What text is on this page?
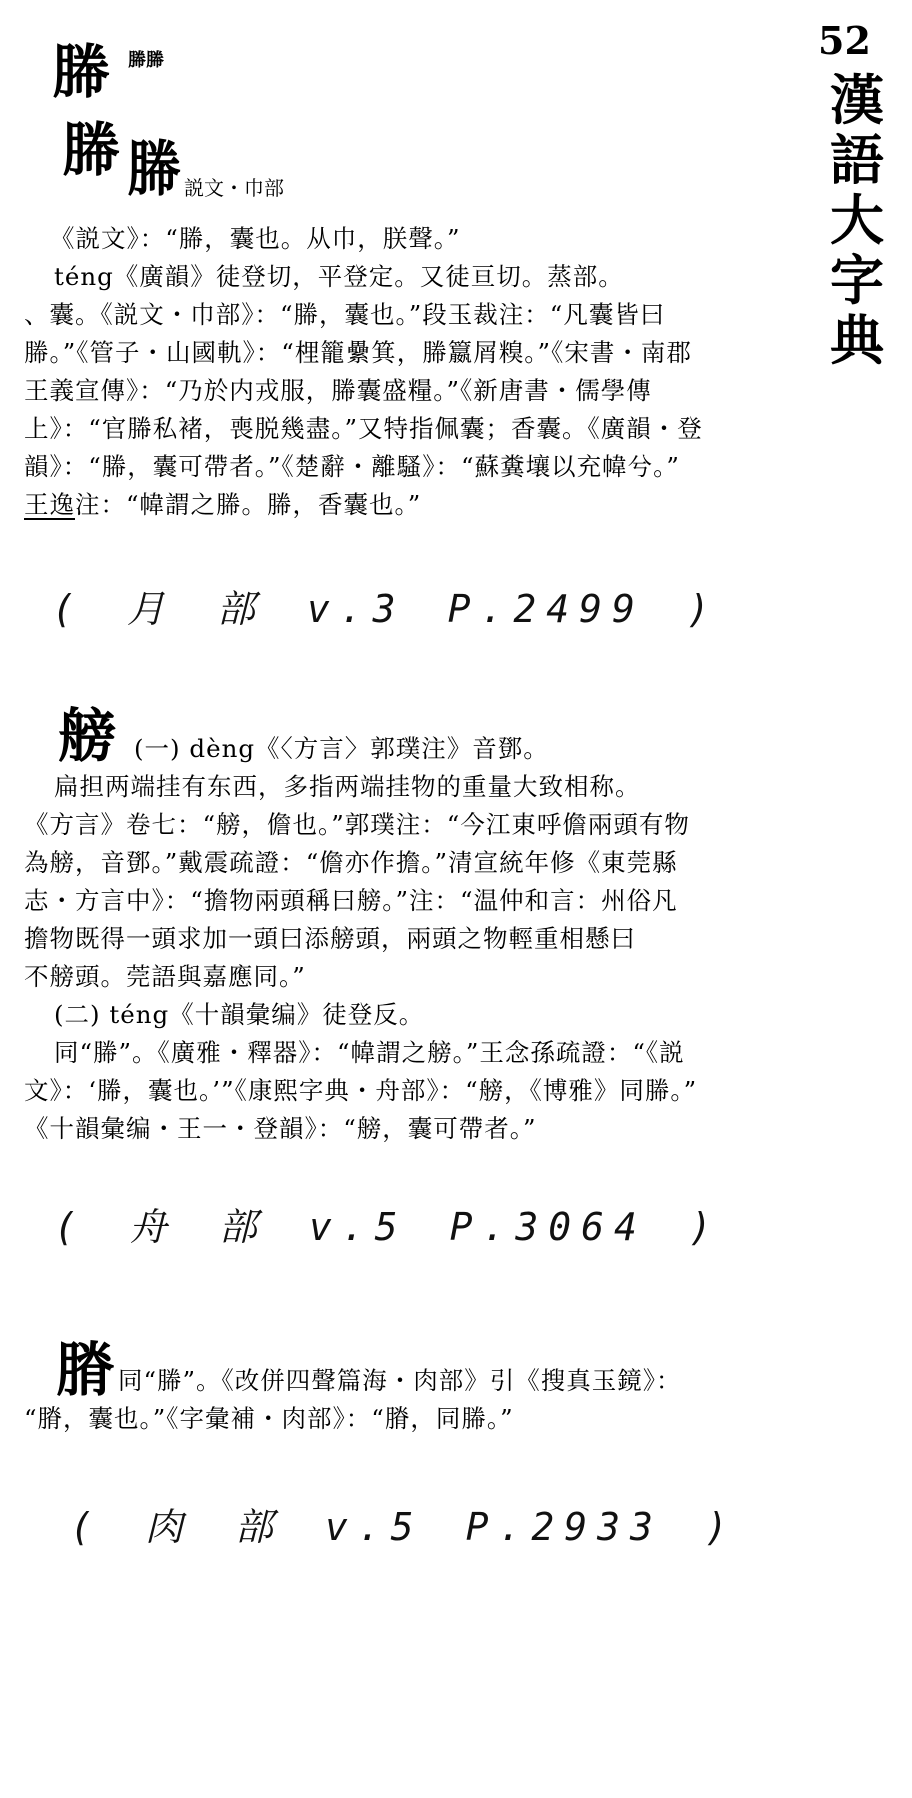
52
漢
語
大
字
典
幐 幐幐
幐 幐 説文・巾部
《説文》：“幐，囊也。从巾，朕聲。”
téng《廣韻》徒登切，平登定。又徒亘切。蒸部。
、囊。《説文・巾部》：“幐，囊也。”段玉裁注：“凡囊皆曰
幐。”《管子・山國軌》：“梩籠纍箕，幐籝屑糗。”《宋書・南郡
王義宣傳》：“乃於内戎服，幐囊盛糧。”《新唐書・儒學傳
上》：“官幐私褚，喪脱幾盡。”又特指佩囊；香囊。《廣韻・登
韻》：“幐，囊可帶者。”《楚辭・離騷》：“蘇糞壤以充幃兮。”
王逸注：“幃謂之幐。幐，香囊也。”
( 月 部 v.3 P.2499 )
艕 (一) dèng《〈方言〉郭璞注》音鄧。
扁担两端挂有东西，多指两端挂物的重量大致相称。
《方言》卷七：“艕，儋也。”郭璞注：“今江東呼儋兩頭有物
為艕，音鄧。”戴震疏證：“儋亦作擔。”清宣統年修《東莞縣
志・方言中》：“擔物兩頭稱曰艕。”注：“温仲和言：州俗凡
擔物既得一頭求加一頭曰添艕頭，兩頭之物輕重相懸曰
不艕頭。莞語與嘉應同。”
(二) téng《十韻彙编》徒登反。
同“幐”。《廣雅・釋器》：“幃謂之艕。”王念孫疏證：“《説
文》：‘幐，囊也。’”《康熙字典・舟部》：“艕，《博雅》同幐。”
《十韻彙编・王一・登韻》：“艕，囊可帶者。”
( 舟 部 v.5 P.3064 )
膌 同“幐”。《改併四聲篇海・肉部》引《搜真玉鏡》：
“膌，囊也。”《字彙補・肉部》：“膌，同幐。”
( 肉 部 v.5 P.2933 )
